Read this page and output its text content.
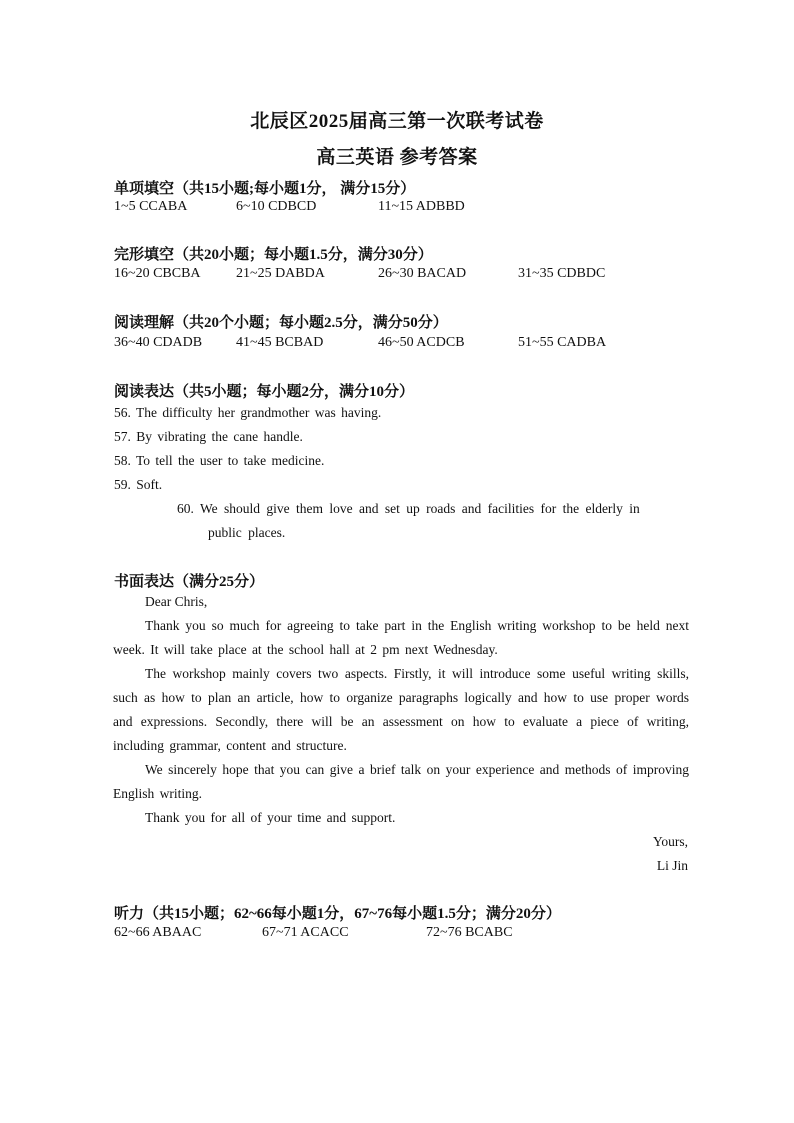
北辰区2025届高三第一次联考试卷
高三英语 参考答案
单项填空（共15小题;每小题1分， 满分15分）
1~5 CCABA	6~10 CDBCD	11~15 ADBBD
完形填空（共20小题；每小题1.5分，满分30分）
16~20 CBCBA	21~25 DABDA	26~30 BACAD	31~35 CDBDC
阅读理解（共20个小题；每小题2.5分，满分50分）
36~40 CDADB 41~45 BCBAD	46~50 ACDCB	51~55 CADBA
阅读表达（共5小题；每小题2分，满分10分）
56. The difficulty her grandmother was having.
57. By vibrating the cane handle.
58. To tell the user to take medicine.
59. Soft.
60. We should give them love and set up roads and facilities for the elderly in
public places.
书面表达（满分25分）
Dear Chris,
Thank you so much for agreeing to take part in the English writing workshop to be held next week. It will take place at the school hall at 2 pm next Wednesday.
The workshop mainly covers two aspects. Firstly, it will introduce some useful writing skills, such as how to plan an article, how to organize paragraphs logically and how to use proper words and expressions. Secondly, there will be an assessment on how to evaluate a piece of writing, including grammar, content and structure.
We sincerely hope that you can give a brief talk on your experience and methods of improving English writing.
Thank you for all of your time and support.
Yours,
Li Jin
听力（共15小题；62~66每小题1分，67~76每小题1.5分；满分20分）
62~66 ABAAC	67~71 ACACC	72~76 BCABC
